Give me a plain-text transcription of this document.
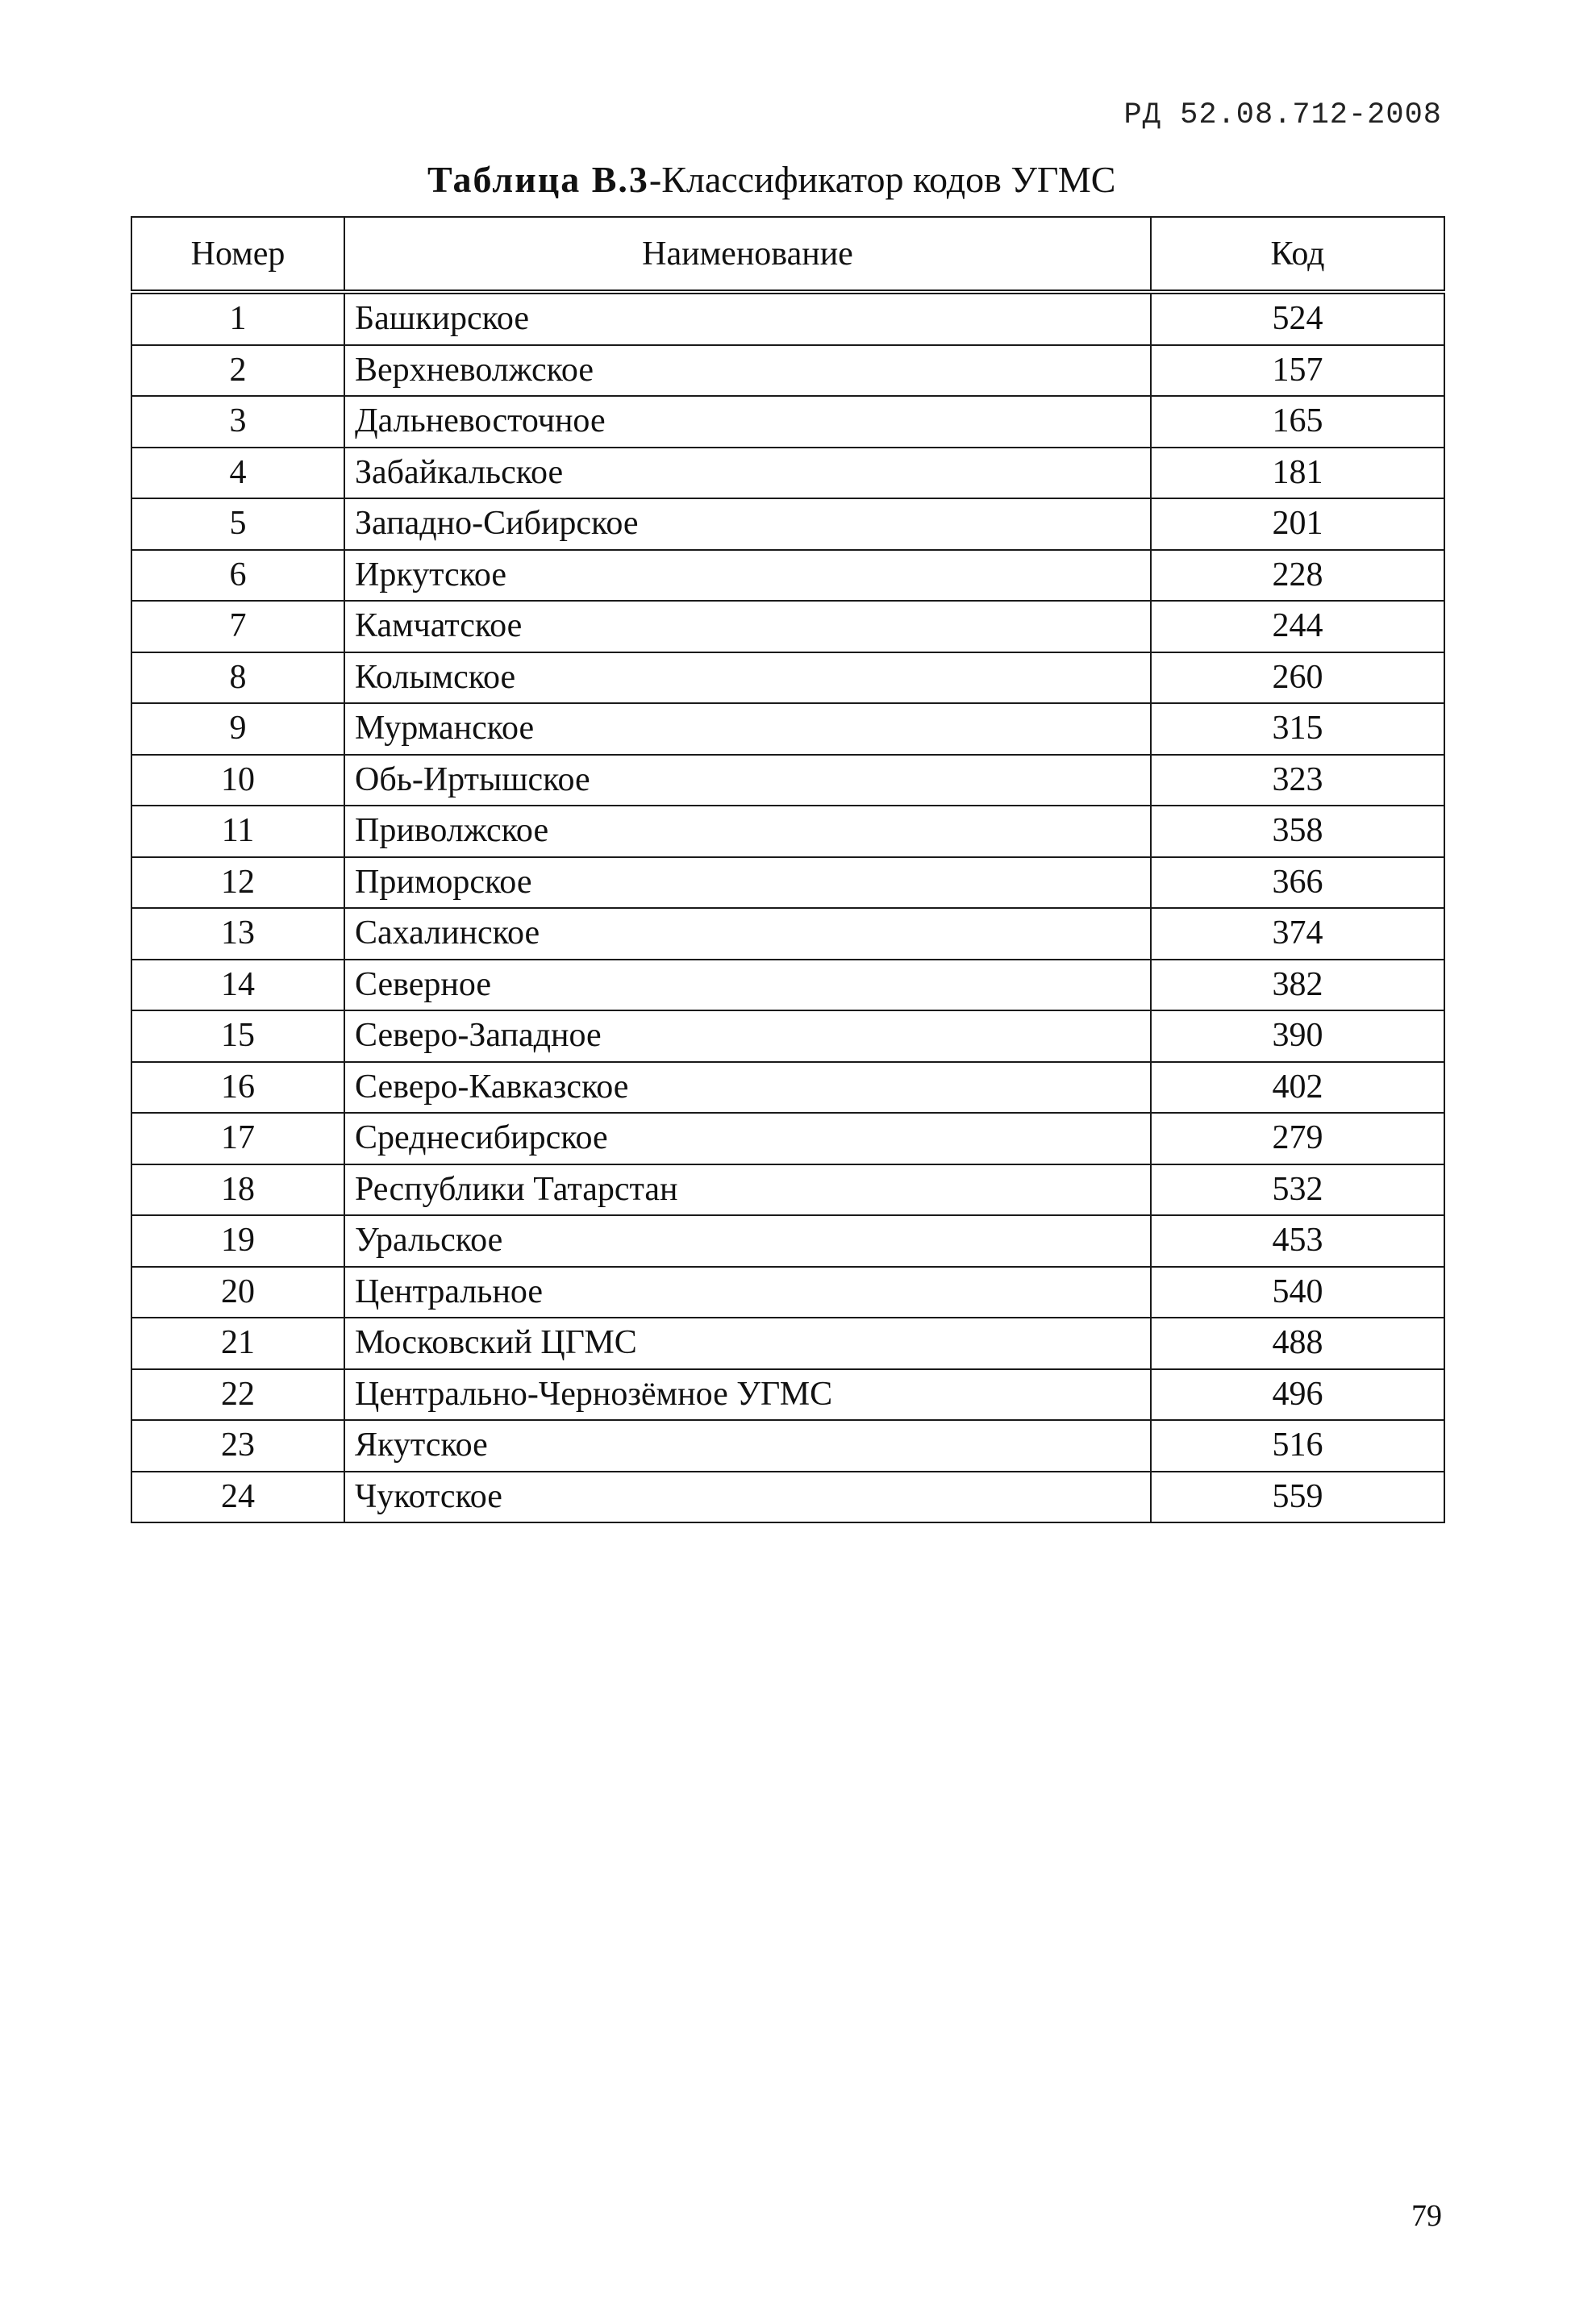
РД 52.08.712-2008
Таблица В.3-Классификатор кодов УГМС
Номер	Наименование	Код
1	Башкирское	524
2	Верхневолжское	157
3	Дальневосточное	165
4	Забайкальское	181
5	Западно-Сибирское	201
6	Иркутское	228
7	Камчатское	244
8	Колымское	260
9	Мурманское	315
10	Обь-Иртышское	323
11	Приволжское	358
12	Приморское	366
13	Сахалинское	374
14	Северное	382
15	Северо-Западное	390
16	Северо-Кавказское	402
17	Среднесибирское	279
18	Республики Татарстан	532
19	Уральское	453
20	Центральное	540
21	Московский ЦГМС	488
22	Центрально-Чернозёмное УГМС	496
23	Якутское	516
24	Чукотское	559
79
